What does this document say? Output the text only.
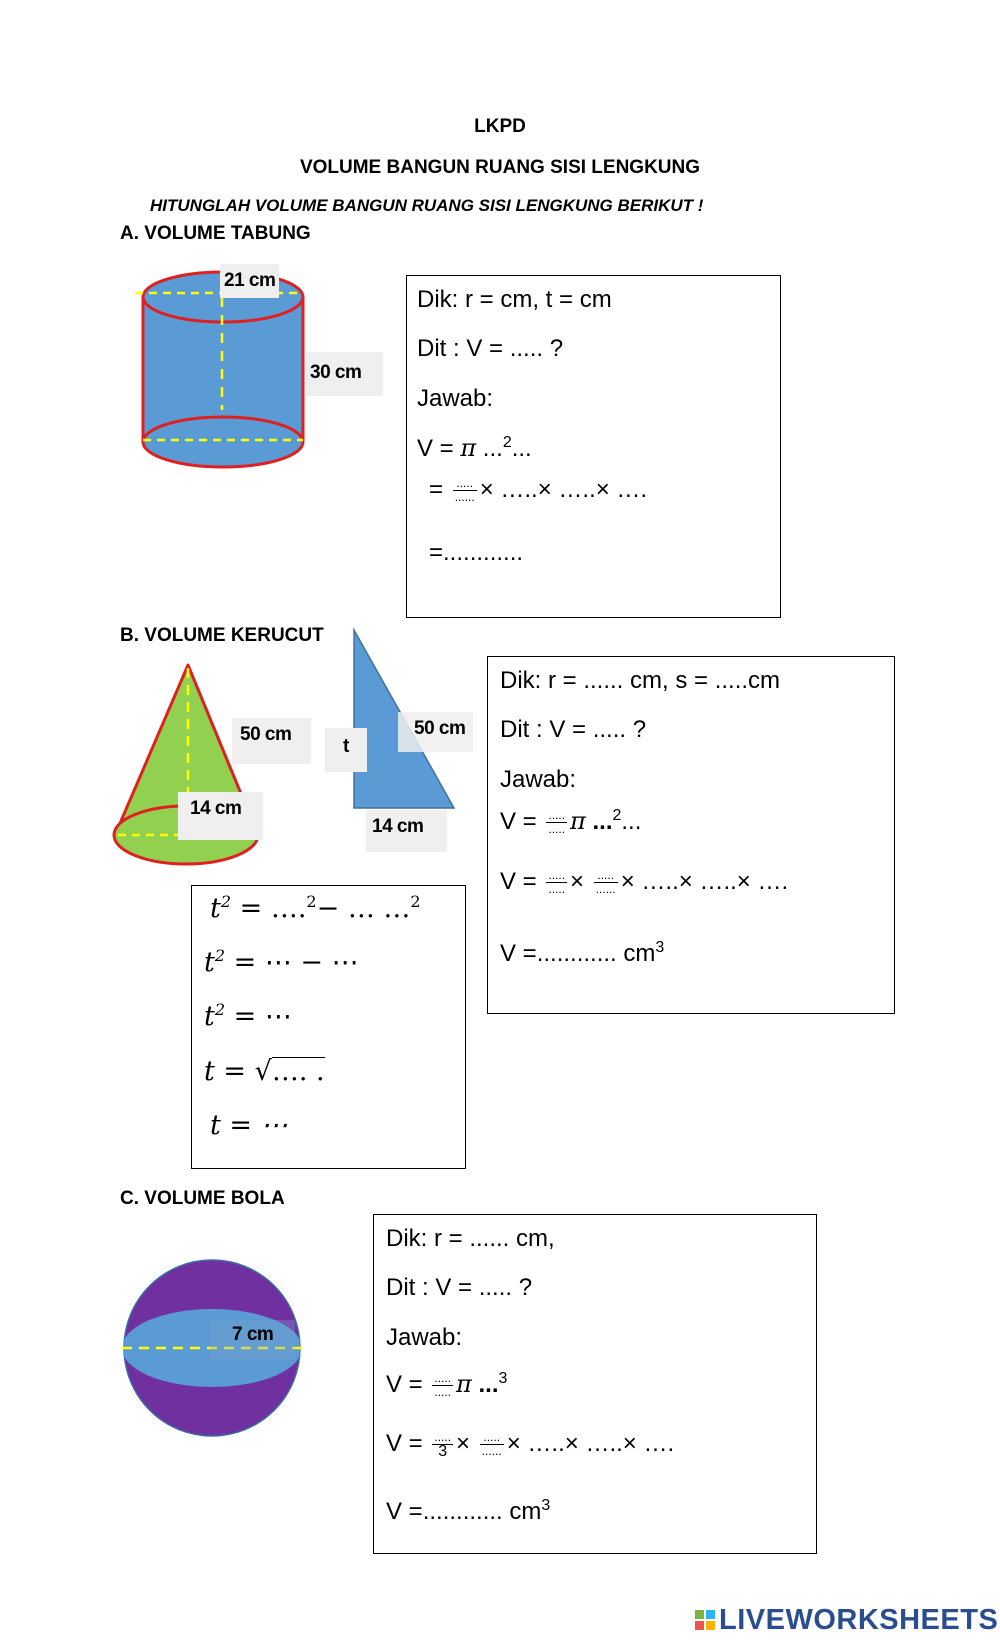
LKPD
VOLUME BANGUN RUANG SISI LENGKUNG
HITUNGLAH VOLUME BANGUN RUANG SISI LENGKUNG BERIKUT !
A. VOLUME TABUNG
21 cm
30 cm
Dik: r = cm, t = cm
Dit : V = ..... ?
Jawab:
V = π ...$^2$...
= $\frac{.....}{......}$ × …..× …..× ….
=............
B. VOLUME KERUCUT
50 cm
14 cm
t
50 cm
14 cm
Dik: r = ...... cm, s = .....cm
Dit : V = ..... ?
Jawab:
$V = \frac{.....}{.....}$ π ...$^2$...
$V = \frac{.....}{.....} \times \frac{.....}{......}$ × …..× …..× ….
V =............ $cm^3$
$t^2$ = ….$^2$− … …$^2$
$t^2$ = ⋯ − ⋯
$t^2$ = ⋯
t = √…. .
t = ⋯
C. VOLUME BOLA
7 cm
Dik: r = ...... cm,
Dit : V = ..... ?
Jawab:
$V = \frac{.....}{.....}$ π ...$^3$
$V = \frac{.....}{3} \times \frac{.....}{......}$ × …..× …..× ….
V =............ $cm^3$
LIVEWORKSHEETS
